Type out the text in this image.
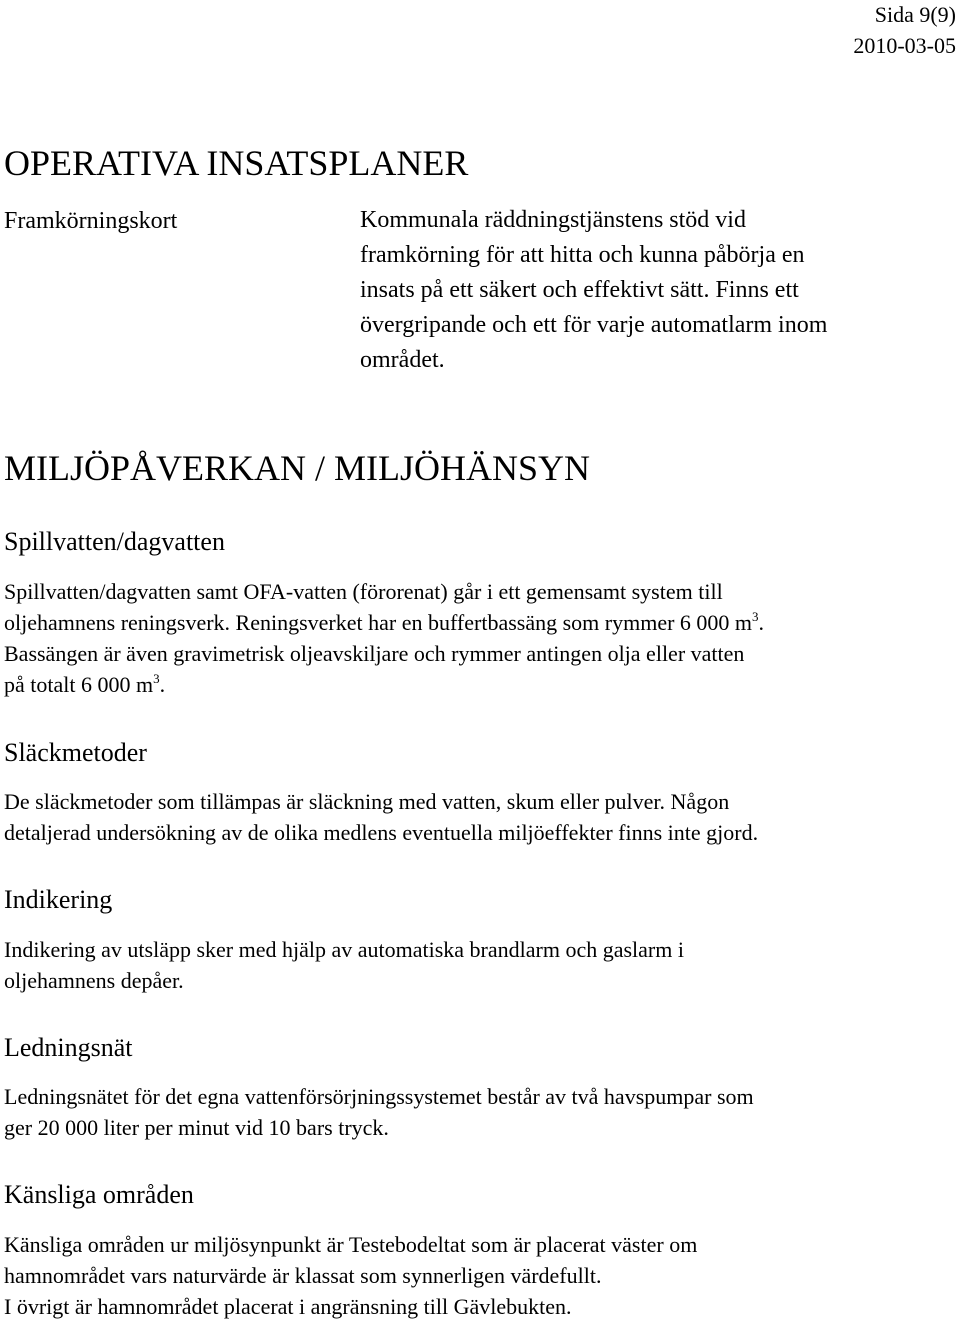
Sida 9(9)
2010-03-05
OPERATIVA INSATSPLANER
Framkörningskort	Kommunala räddningstjänstens stöd vid
framkörning för att hitta och kunna påbörja en
insats på ett säkert och effektivt sätt. Finns ett
övergripande och ett för varje automatlarm inom
området.
MILJÖPÅVERKAN / MILJÖHÄNSYN
Spillvatten/dagvatten
Spillvatten/dagvatten samt OFA-vatten (förorenat) går i ett gemensamt system till
oljehamnens reningsverk. Reningsverket har en buffertbassäng som rymmer 6 000 $m^3$.
Bassängen är även gravimetrisk oljeavskiljare och rymmer antingen olja eller vatten
på totalt 6 000 $m^3$.
Släckmetoder
De släckmetoder som tillämpas är släckning med vatten, skum eller pulver. Någon
detaljerad undersökning av de olika medlens eventuella miljöeffekter finns inte gjord.
Indikering
Indikering av utsläpp sker med hjälp av automatiska brandlarm och gaslarm i
oljehamnens depåer.
Ledningsnät
Ledningsnätet för det egna vattenförsörjningssystemet består av två havspumpar som
ger 20 000 liter per minut vid 10 bars tryck.
Känsliga områden
Känsliga områden ur miljösynpunkt är Testebodeltat som är placerat väster om
hamnområdet vars naturvärde är klassat som synnerligen värdefullt.
I övrigt är hamnområdet placerat i angränsning till Gävlebukten.
